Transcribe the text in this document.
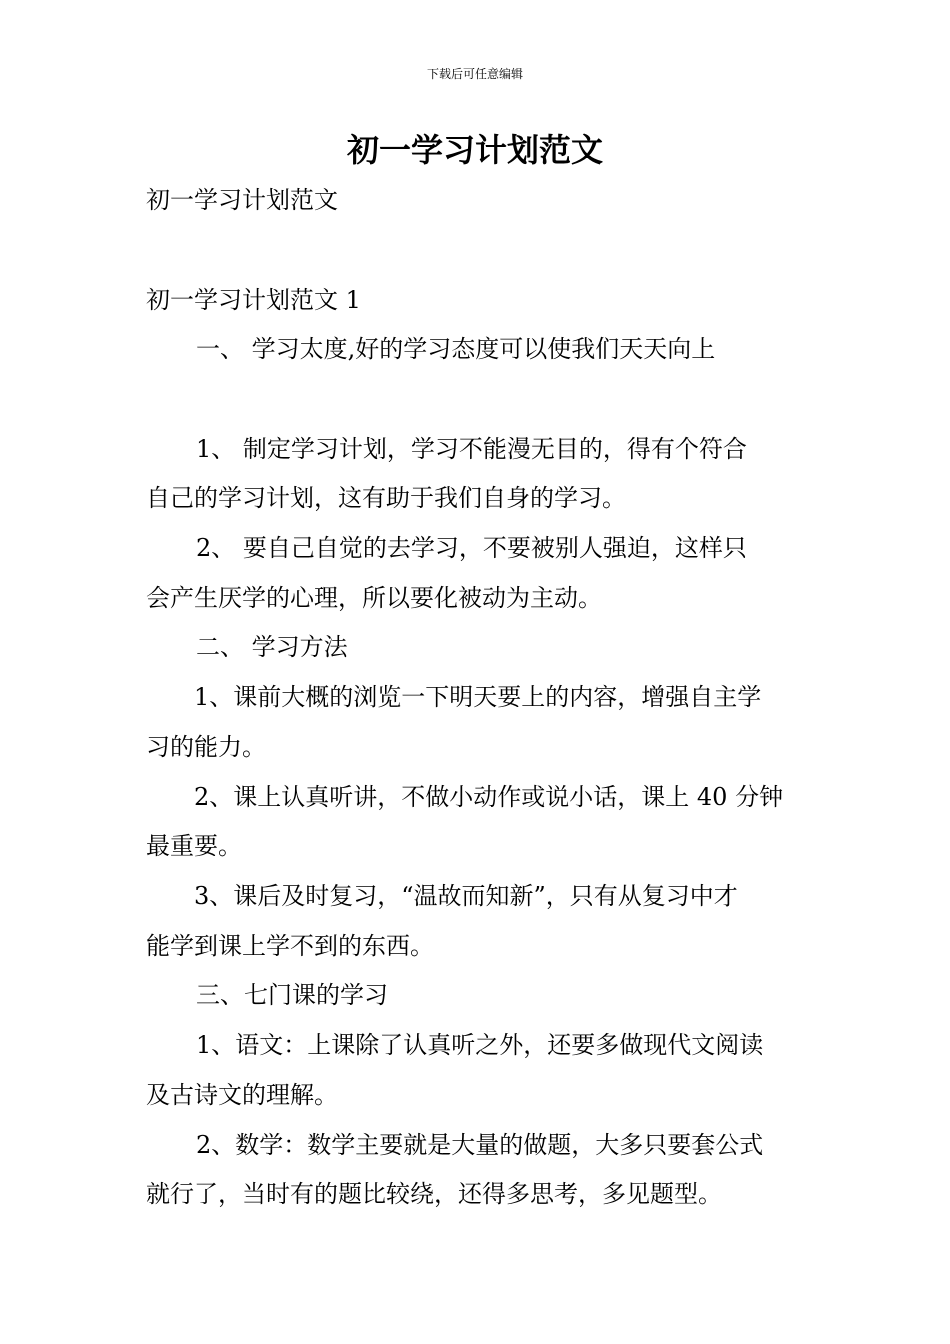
下载后可任意编辑
初一学习计划范文
初一学习计划范文
初一学习计划范文 1
一、 学习太度,好的学习态度可以使我们天天向上
1、 制定学习计划，学习不能漫无目的，得有个符合
自己的学习计划，这有助于我们自身的学习。
2、 要自己自觉的去学习，不要被别人强迫，这样只
会产生厌学的心理，所以要化被动为主动。
二、 学习方法
1、课前大概的浏览一下明天要上的内容，增强自主学
习的能力。
2、课上认真听讲，不做小动作或说小话，课上 40 分钟
最重要。
3、课后及时复习，“温故而知新”，只有从复习中才
能学到课上学不到的东西。
三、七门课的学习
1、语文：上课除了认真听之外，还要多做现代文阅读
及古诗文的理解。
2、数学：数学主要就是大量的做题，大多只要套公式
就行了，当时有的题比较绕，还得多思考，多见题型。
